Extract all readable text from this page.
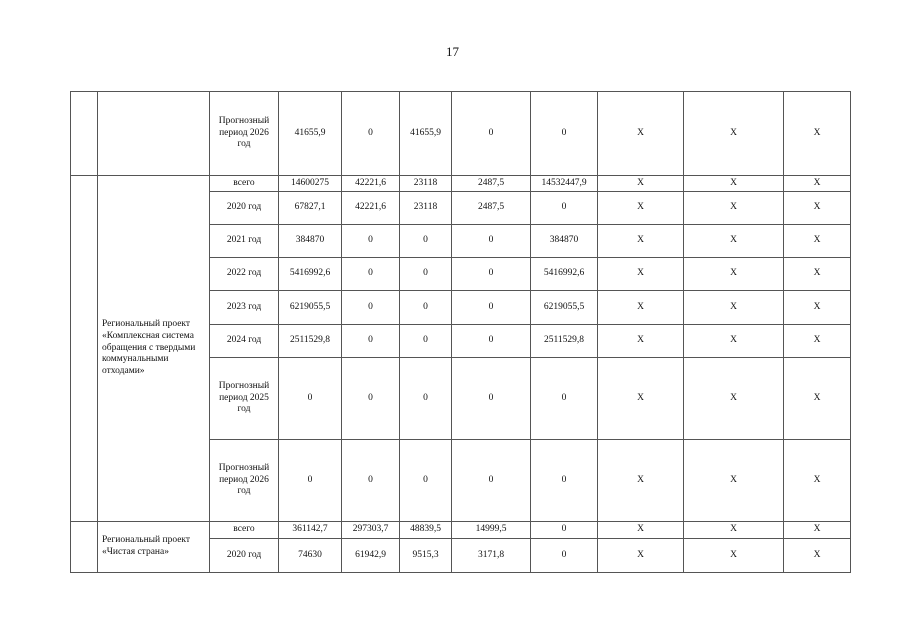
17
		Прогнозный период 2026 год	41655,9	0	41655,9	0	0	Х	Х	Х
	Региональный проект «Комплексная система обращения с твердыми коммунальными отходами»	всего	14600275	42221,6	23118	2487,5	14532447,9	Х	Х	Х
		2020 год	67827,1	42221,6	23118	2487,5	0	Х	Х	Х
		2021 год	384870	0	0	0	384870	Х	Х	Х
		2022 год	5416992,6	0	0	0	5416992,6	Х	Х	Х
		2023 год	6219055,5	0	0	0	6219055,5	Х	Х	Х
		2024 год	2511529,8	0	0	0	2511529,8	Х	Х	Х
		Прогнозный период 2025 год	0	0	0	0	0	Х	Х	Х
		Прогнозный период 2026 год	0	0	0	0	0	Х	Х	Х
	Региональный проект «Чистая страна»	всего	361142,7	297303,7	48839,5	14999,5	0	Х	Х	Х
		2020 год	74630	61942,9	9515,3	3171,8	0	Х	Х	Х
